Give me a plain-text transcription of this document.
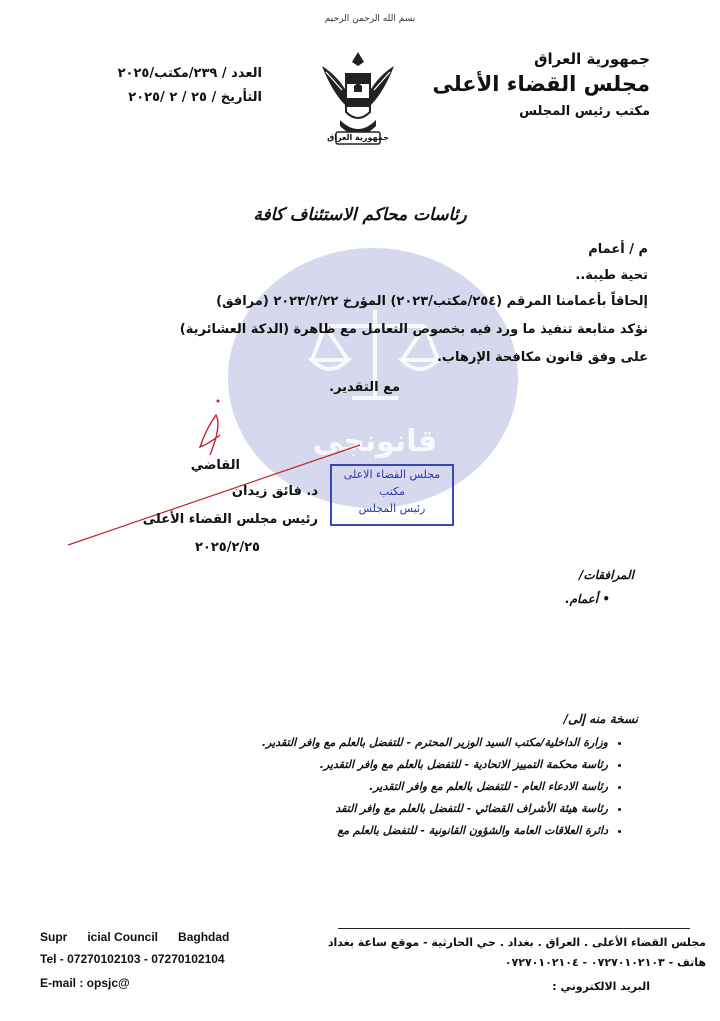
بسم الله الرحمن الرحيم
جمهورية العراق
جمهورية العراق
مجلس القضاء الأعلى
مكتب رئيس المجلس
العدد / ٢٣٩/مكتب/٢٠٢٥
التأريخ / ٢٥ / ٢ /٢٠٢٥
رئاسات محاكم الاستئناف كافة
قانونجي
م / أعمام
تحية طيبة..
إلحاقاً بأعمامنا المرقم (٢٥٤/مكتب/٢٠٢٣) المؤرخ ٢٠٢٣/٢/٢٢ (مرافق)
نؤكد متابعة تنفيذ ما ورد فيه بخصوص التعامل مع ظاهرة (الدكة العشائرية)
على وفق قانون مكافحة الإرهاب.
مع التقدير.
مجلس القضاء الاعلى
مكتب
رئيس المجلس
القاضي
د. فائق زيدان
رئيس مجلس القضاء الأعلى
٢٠٢٥/٢/٢٥
المرافقات/
• أعمام.
نسخة منه إلى/
• وزارة الداخلية/مكتب السيد الوزير المحترم - للتفضل بالعلم مع وافر التقدير.
• رئاسة محكمة التمييز الاتحادية - للتفضل بالعلم مع وافر التقدير.
• رئاسة الادعاء العام - للتفضل بالعلم مع وافر التقدير.
• رئاسة هيئة الأشراف القضائي - للتفضل بالعلم مع وافر التقد
• دائرة العلاقات العامة والشؤون القانونية - للتفضل بالعلم مع
مجلس القضاء الأعلى . العراق . بغداد . حي الحارثية - موقع ساعة بغداد
هاتف - ٠٧٢٧٠١٠٢١٠٣ - ٠٧٢٧٠١٠٢١٠٤
البريد الالكتروني :
Supr      icial Council      Baghdad
Tel - 07270102103 - 07270102104
E-mail : opsjc@
